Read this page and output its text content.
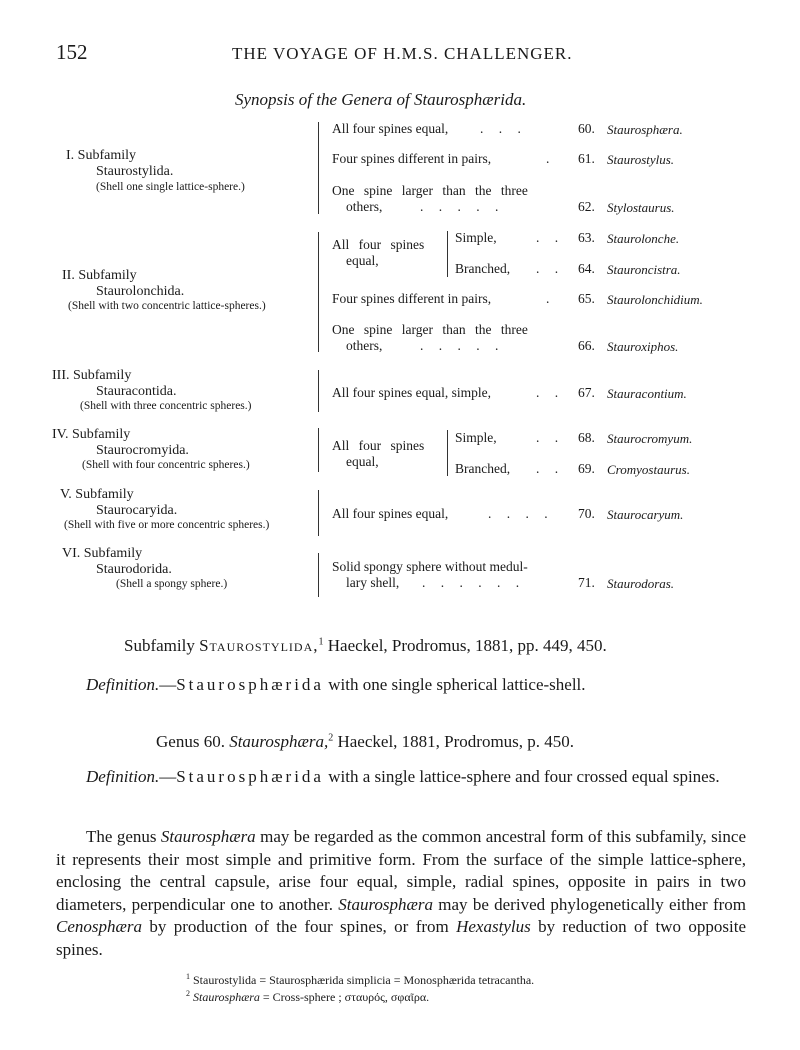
152	THE VOYAGE OF H.M.S. CHALLENGER.
Synopsis of the Genera of Staurosphærida.
I. Subfamily
Staurostylida.
(Shell one single lattice-sphere.)
All four spines equal, . . .	60. Staurosphæra.
Four spines different in pairs,	. 61. Staurostylus.
One spine larger than the three
others,	. . . . .	62. Stylostaurus.
II. Subfamily
Staurolonchida.
(Shell with two concentric lattice-spheres.)
All four spines
equal,
Simple,	. . 63. Staurolonche.
Branched, . . 64. Stauroncistra.
Four spines different in pairs,	. 65. Staurolonchidium.
One spine larger than the three
others,	. . . . .	66. Stauroxiphos.
III. Subfamily
Stauracontida.
(Shell with three concentric spheres.)
All four spines equal, simple,	. . 67. Stauracontium.
IV. Subfamily
Staurocromyida.
(Shell with four concentric spheres.)
All four spines
equal,
Simple,	. . 68. Staurocromyum.
Branched, . . 69. Cromyostaurus.
V. Subfamily
Staurocaryida.
(Shell with five or more concentric spheres.)
All four spines equal,	. . . . 70. Staurocaryum.
VI. Subfamily
Staurodorida.
(Shell a spongy sphere.)
Solid spongy sphere without medul-
lary shell, . . . . . .	71. Staurodoras.
Subfamily Staurostylida,$^1$ Haeckel, Prodromus, 1881, pp. 449, 450.
Definition.—Staurosphærida with one single spherical lattice-shell.
Genus 60. Staurosphæra,$^2$ Haeckel, 1881, Prodromus, p. 450.
Definition.—Staurosphærida with a single lattice-sphere and four crossed equal spines.
The genus Staurosphæra may be regarded as the common ancestral form of this subfamily, since it represents their most simple and primitive form. From the surface of the simple lattice-sphere, enclosing the central capsule, arise four equal, simple, radial spines, opposite in pairs in two diameters, perpendicular one to another. Staurosphæra may be derived phylogenetically either from Cenosphæra by production of the four spines, or from Hexastylus by reduction of two opposite spines.
$^1$ Staurostylida = Staurosphærida simplicia = Monosphærida tetracantha.
$^2$ Staurosphæra = Cross-sphere ; σταυρός, σφαῖρα.
